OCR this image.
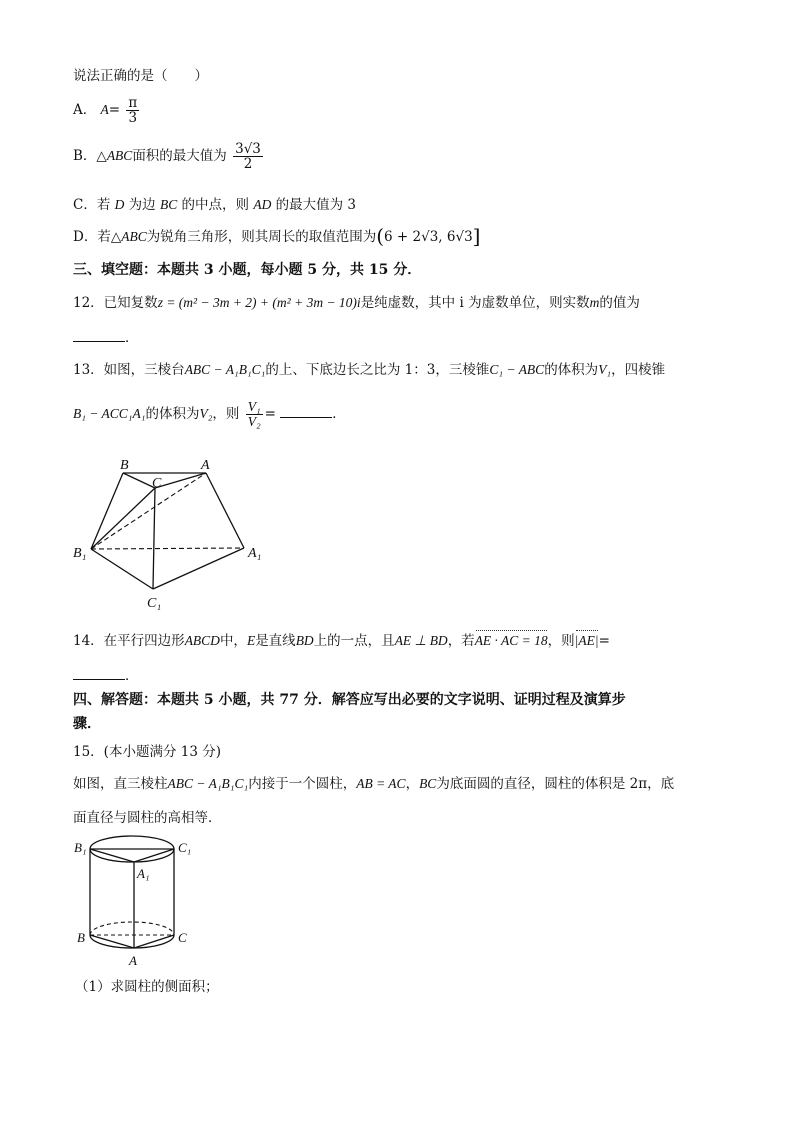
说法正确的是（　　）
A． $A= \frac{\pi}{3}$
B．△ABC面积的最大值为 $\frac{3√3}{2}$
C．若 D 为边 BC 的中点，则 AD 的最大值为 3
D．若△ABC为锐角三角形，则其周长的取值范围为(6 + 2√3, 6√3]
三、填空题：本题共 3 小题，每小题 5 分，共 15 分．
12．已知复数z = (m² − 3m + 2) + (m² + 3m − 10)i是纯虚数，其中 i 为虚数单位，则实数m的值为
．
13．如图，三棱台ABC − A₁B₁C₁的上、下底边长之比为 1：3，三棱锥C₁ − ABC的体积为V₁，四棱锥
B₁ − ACC₁A₁的体积为V₂，则 $\frac{\text{V₁}}{\text{V₂}}$ =	．
B	A
C
B₁	A₁
C₁
14．在平行四边形ABCD中，E是直线BD上的一点，且AE ⊥ BD，若AE · AC = 18，则|AE|=
．
四、解答题：本题共 5 小题，共 77 分．解答应写出必要的文字说明、证明过程及演算步
骤．
15．(本小题满分 13 分)
如图，直三棱柱ABC − A₁B₁C₁内接于一个圆柱，AB = AC，BC为底面圆的直径，圆柱的体积是 2π，底
面直径与圆柱的高相等．
B₁	C₁
A₁
B	C
A
（1）求圆柱的侧面积；
